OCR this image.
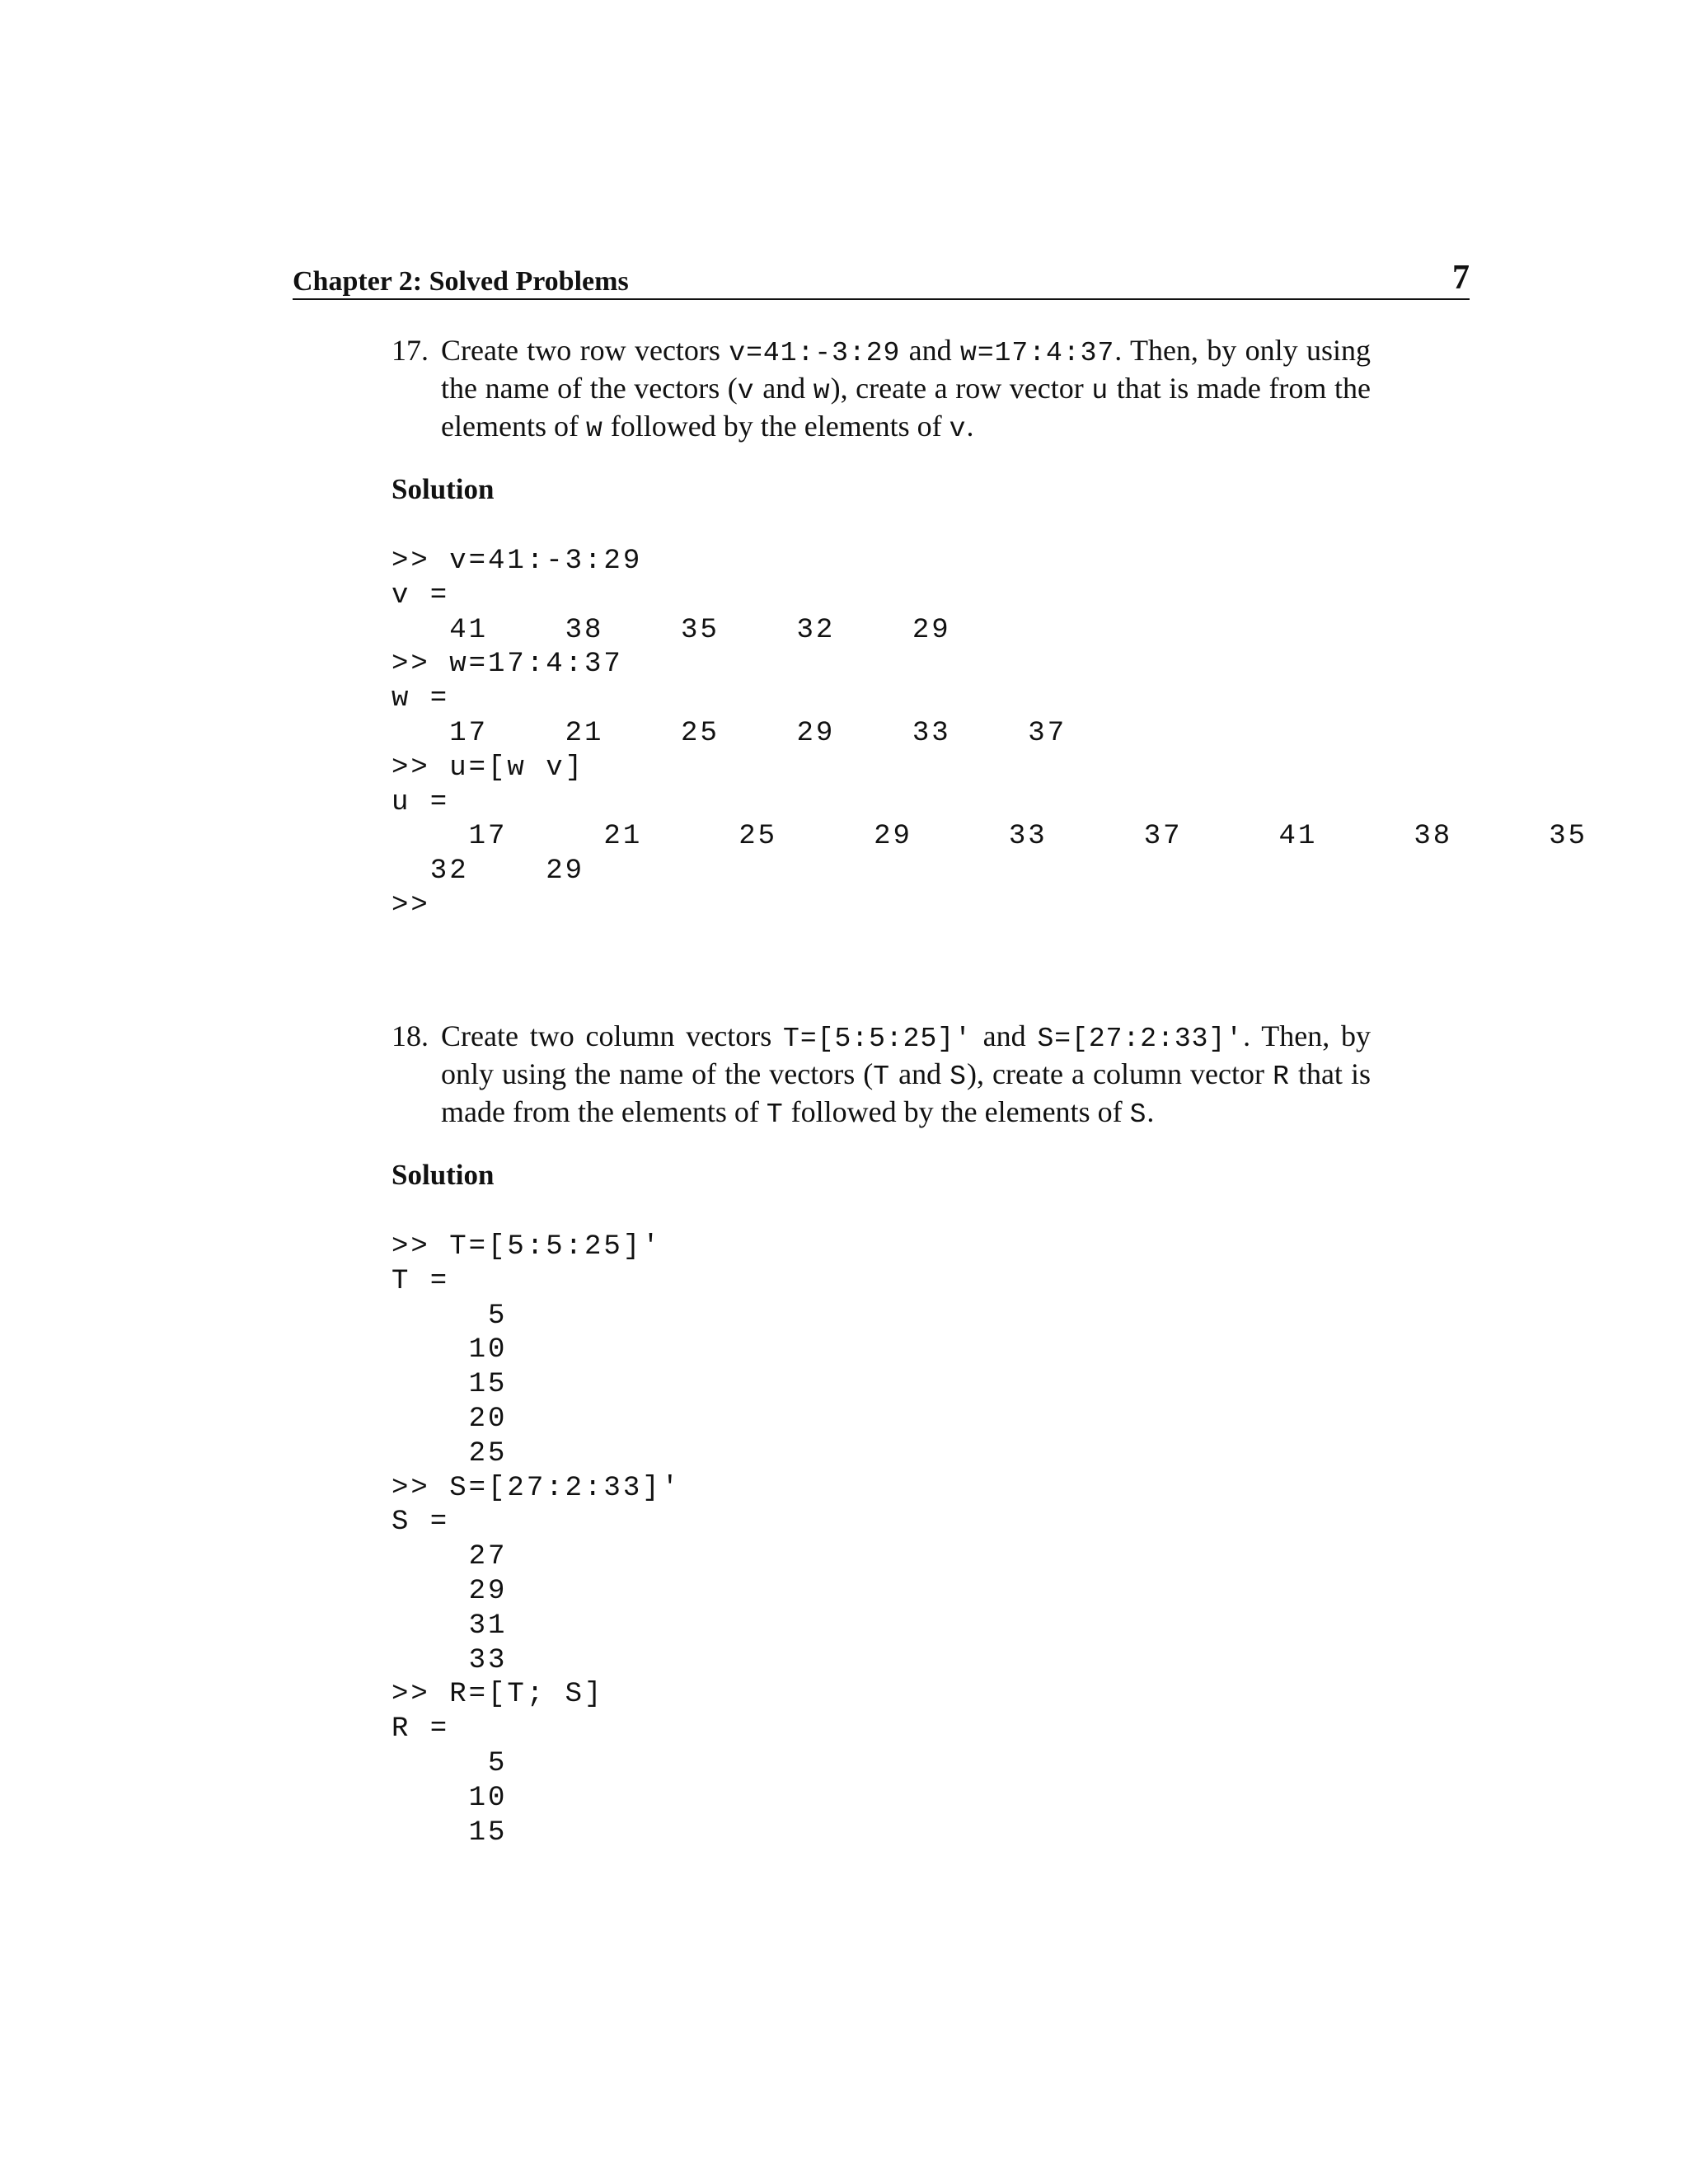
Chapter 2: Solved Problems	7
17. Create two row vectors v=41:-3:29 and w=17:4:37. Then, by only using the name of the vectors (v and w), create a row vector u that is made from the elements of w followed by the elements of v.
Solution
>> v=41:-3:29
v =
41    38    35    32    29
>> w=17:4:37
w =
17    21    25    29    33    37
>> u=[w v]
u =
17     21     25     29     33     37     41     38     35
32    29
>>
18. Create two column vectors T=[5:5:25]' and S=[27:2:33]'. Then, by only using the name of the vectors (T and S), create a column vector R that is made from the elements of T followed by the elements of S.
Solution
>> T=[5:5:25]'
T =
5
10
15
20
25
>> S=[27:2:33]'
S =
27
29
31
33
>> R=[T; S]
R =
5
10
15
